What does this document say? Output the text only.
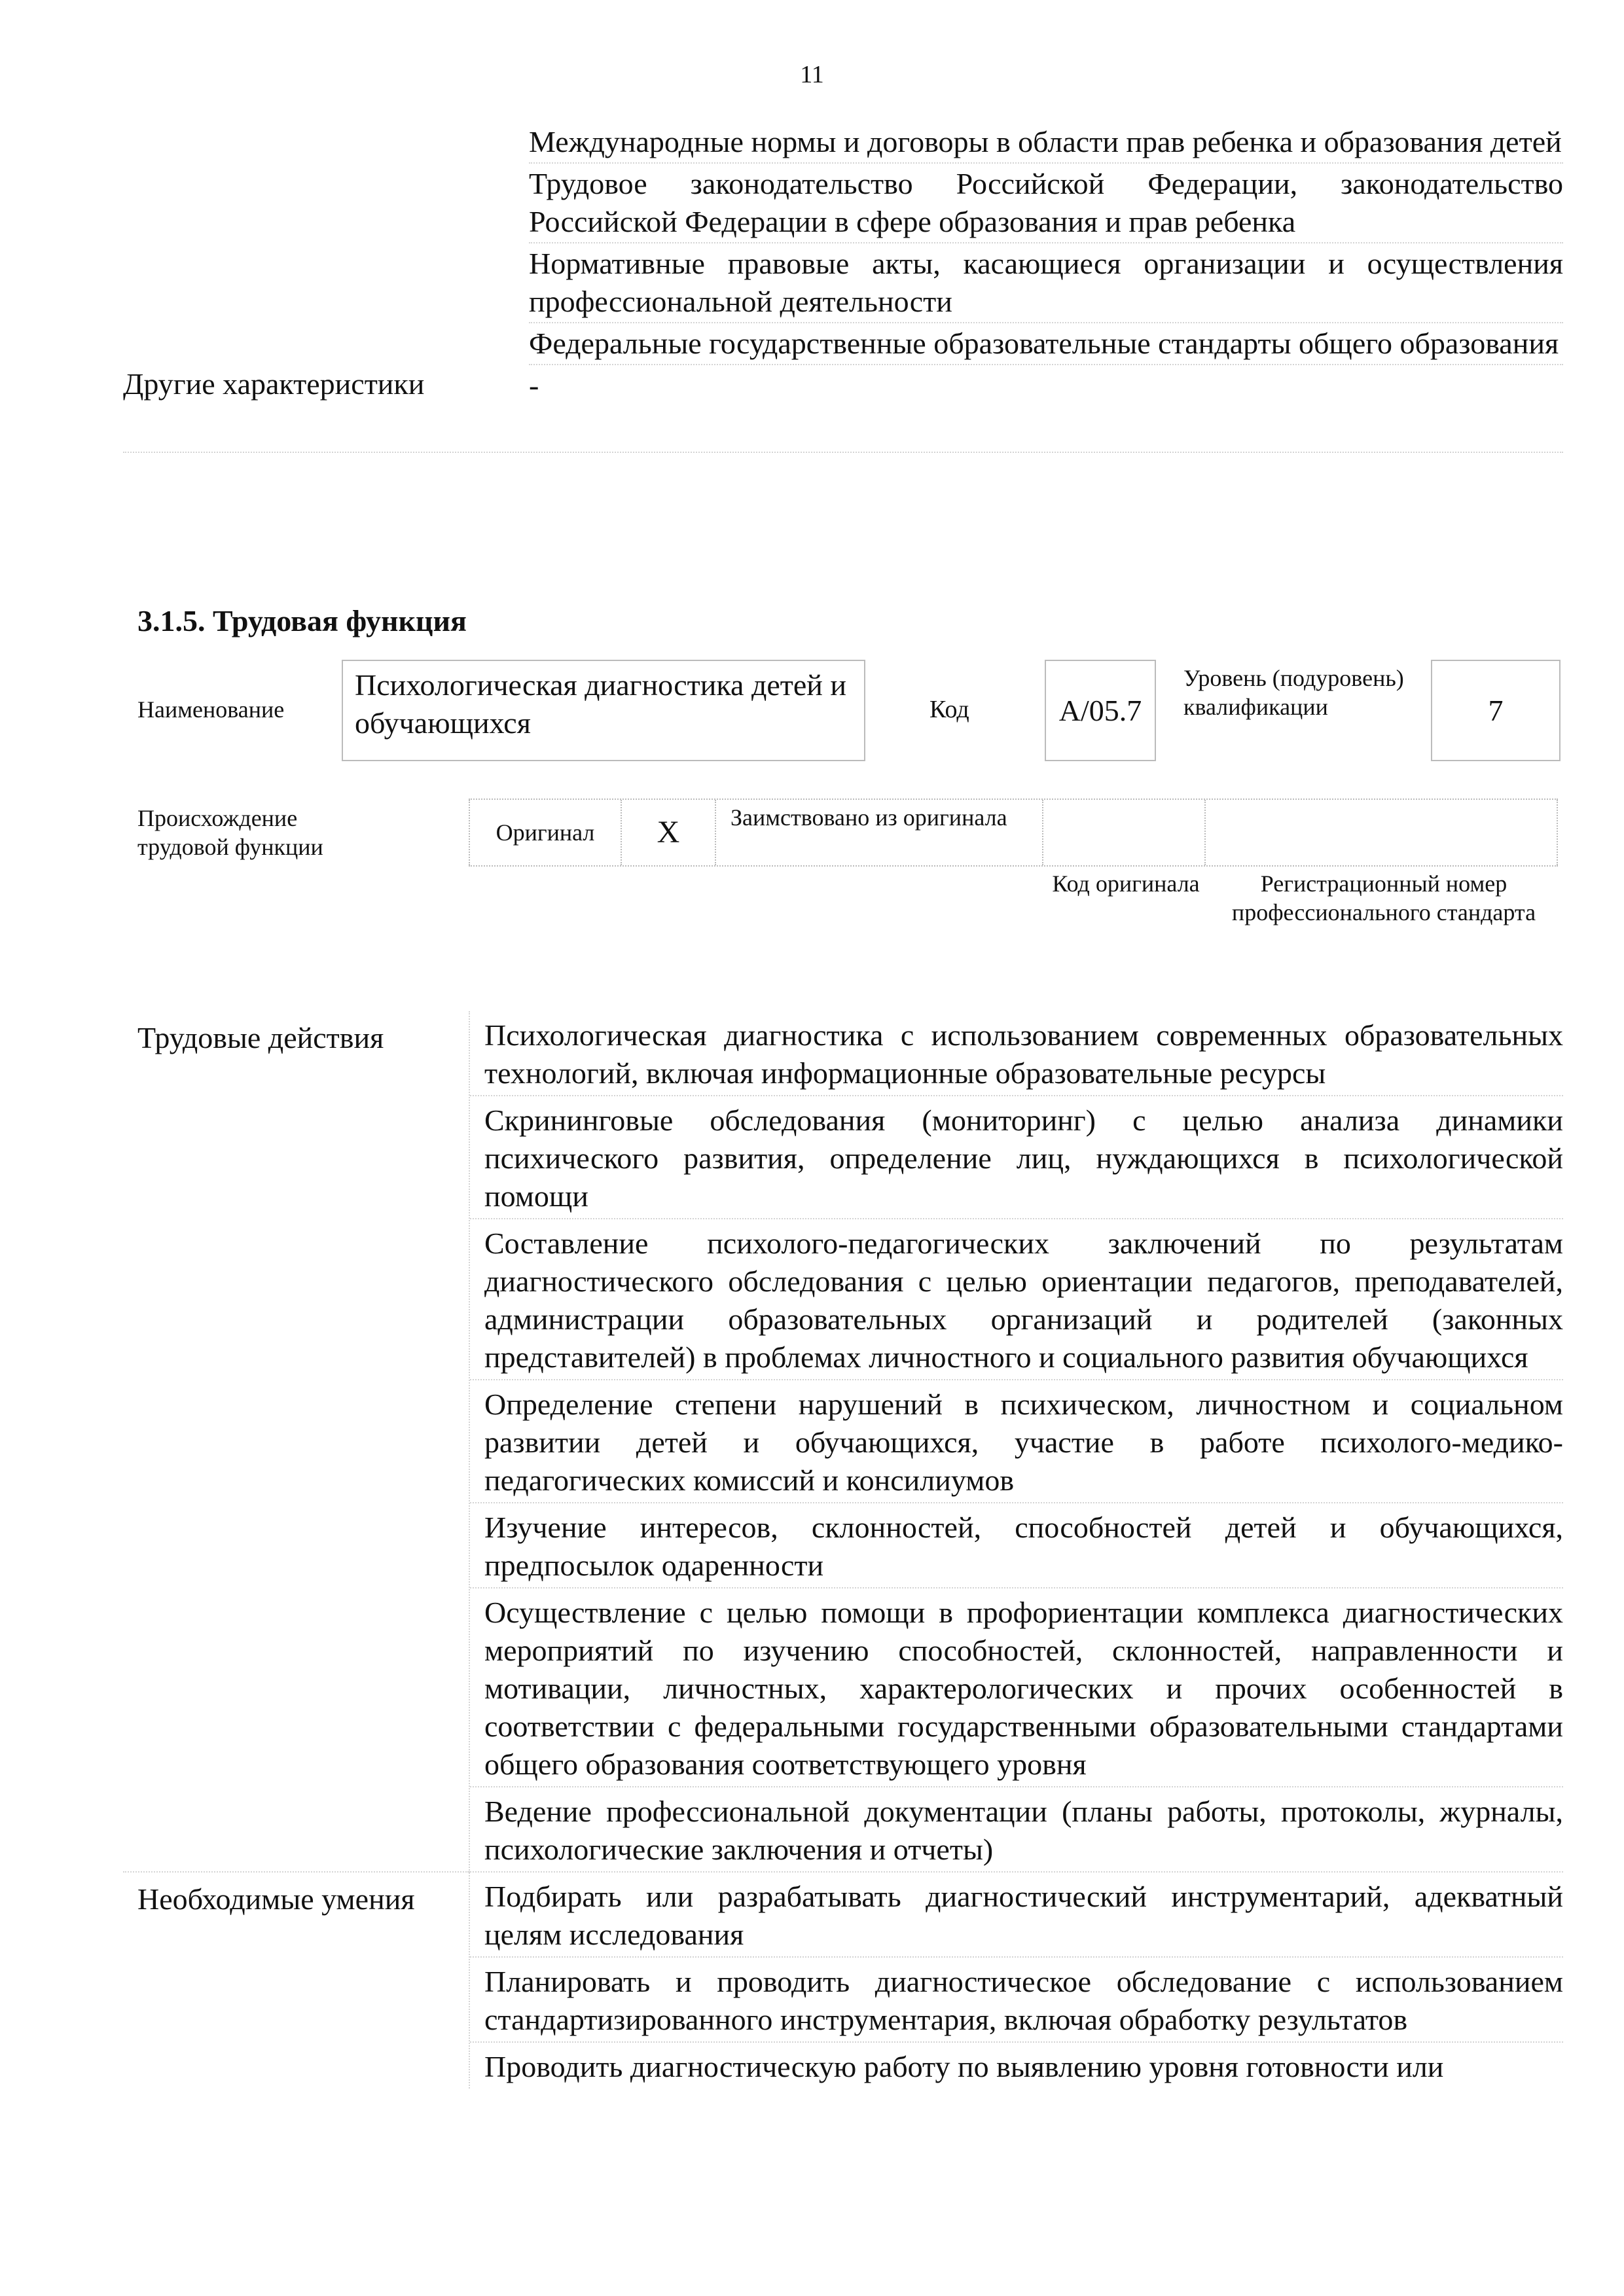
11
Международные нормы и договоры в области прав ребенка и образования детей
Трудовое законодательство Российской Федерации, законодательство Российской Федерации в сфере образования и прав ребенка
Нормативные правовые акты, касающиеся организации и осуществления профессиональной деятельности
Федеральные государственные образовательные стандарты общего образования
Другие характеристики	-
3.1.5. Трудовая функция
Наименование
Психологическая диагностика детей и обучающихся	Код	А/05.7
Уровень (подуровень) квалификации	7
Происхождение трудовой функции
Оригинал	X	Заимствовано из оригинала
Код оригинала	Регистрационный номер профессионального стандарта
Трудовые действия	Психологическая диагностика с использованием современных образовательных технологий, включая информационные образовательные ресурсы
Скрининговые обследования (мониторинг) с целью анализа динамики психического развития, определение лиц, нуждающихся в психологической помощи
Составление психолого-педагогических заключений по результатам диагностического обследования с целью ориентации педагогов, преподавателей, администрации образовательных организаций и родителей (законных представителей) в проблемах личностного и социального развития обучающихся
Определение степени нарушений в психическом, личностном и социальном развитии детей и обучающихся, участие в работе психолого-медико-педагогических комиссий и консилиумов
Изучение интересов, склонностей, способностей детей и обучающихся, предпосылок одаренности
Осуществление с целью помощи в профориентации комплекса диагностических мероприятий по изучению способностей, склонностей, направленности и мотивации, личностных, характерологических и прочих особенностей в соответствии с федеральными государственными образовательными стандартами общего образования соответствующего уровня
Ведение профессиональной документации (планы работы, протоколы, журналы, психологические заключения и отчеты)
Необходимые умения	Подбирать или разрабатывать диагностический инструментарий, адекватный целям исследования
Планировать и проводить диагностическое обследование с использованием стандартизированного инструментария, включая обработку результатов
Проводить диагностическую работу по выявлению уровня готовности или
